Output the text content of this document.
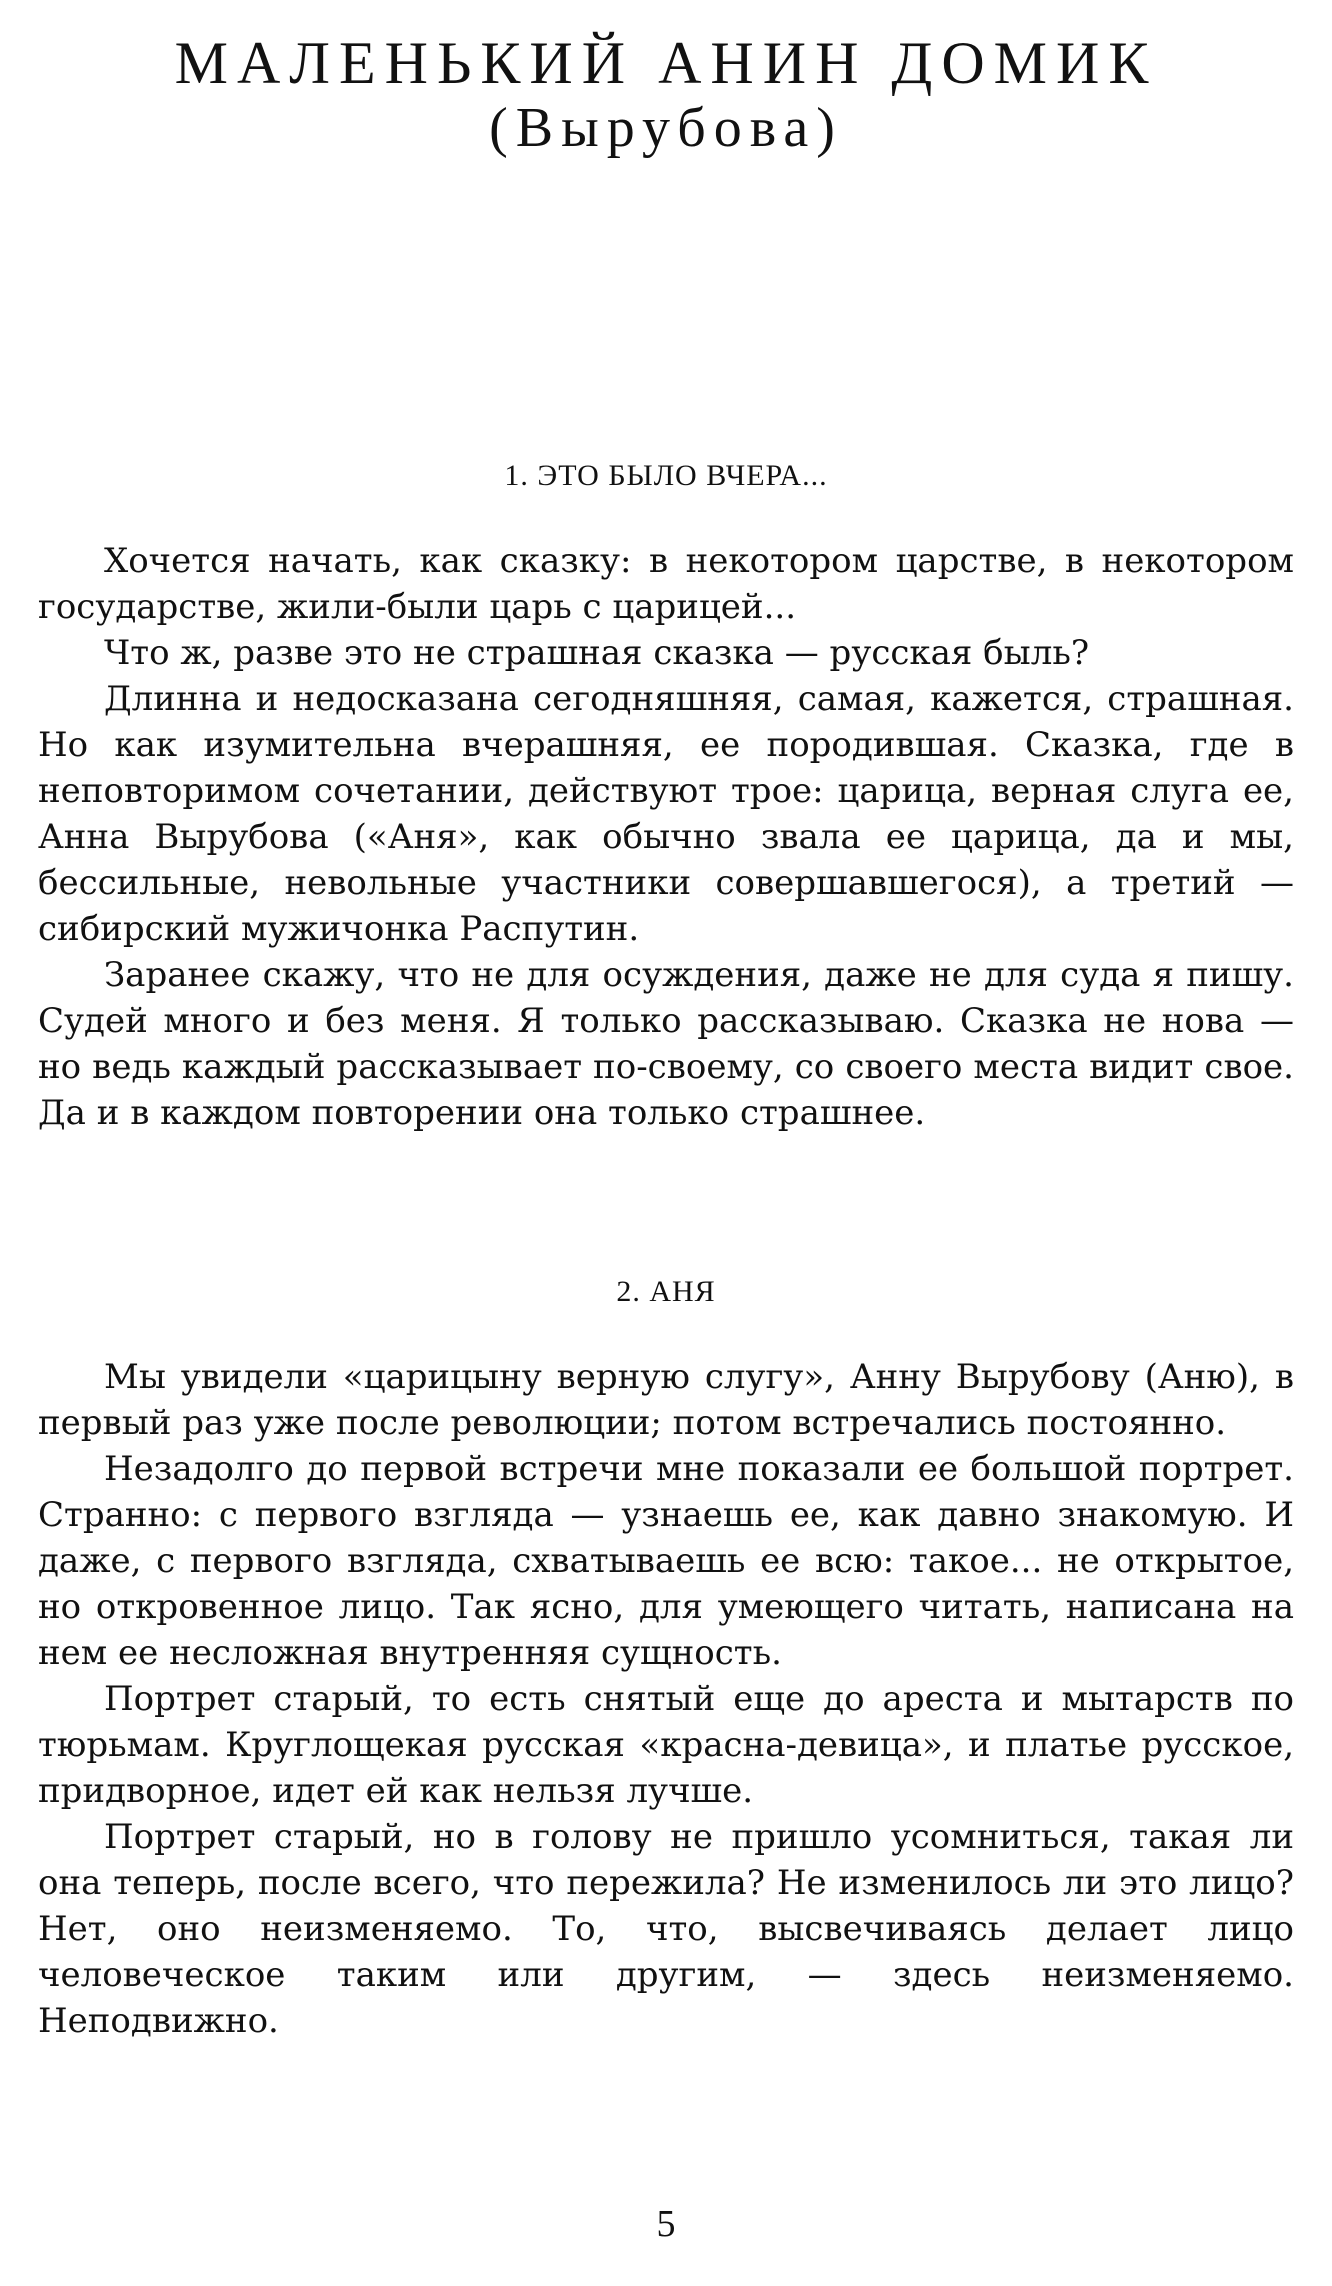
МАЛЕНЬКИЙ АНИН ДОМИК
(Вырубова)
1. ЭТО БЫЛО ВЧЕРА...

Хочется начать, как сказку: в некотором царстве, в некотором государстве, жили-были царь с царицей...

Что ж, разве это не страшная сказка — русская быль?

Длинна и недосказана сегодняшняя, самая, кажется, страшная. Но как изумительна вчерашняя, ее породившая. Сказка, где в неповторимом сочетании, действуют трое: царица, верная слуга ее, Анна Вырубова («Аня», как обычно звала ее царица, да и мы, бессильные, невольные участники совершавшегося), а третий — сибирский мужичонка Распутин.

Заранее скажу, что не для осуждения, даже не для суда я пишу. Судей много и без меня. Я только рассказываю. Сказка не нова — но ведь каждый рассказывает по-своему, со своего места видит свое. Да и в каждом повторении она только страшнее.

2. АНЯ

Мы увидели «царицыну верную слугу», Анну Вырубову (Аню), в первый раз уже после революции; потом встречались постоянно.

Незадолго до первой встречи мне показали ее большой портрет. Странно: с первого взгляда — узнаешь ее, как давно знакомую. И даже, с первого взгляда, схватываешь ее всю: такое... не открытое, но откровенное лицо. Так ясно, для умеющего читать, написана на нем ее несложная внутренняя сущность.

Портрет старый, то есть снятый еще до ареста и мытарств по тюрьмам. Круглощекая русская «красна-девица», и платье русское, придворное, идет ей как нельзя лучше.

Портрет старый, но в голову не пришло усомниться, такая ли она теперь, после всего, что пережила? Не изменилось ли это лицо? Нет, оно неизменяемо. То, что, высвечиваясь делает лицо человеческое таким или другим, — здесь неизменяемо. Неподвижно.

5
